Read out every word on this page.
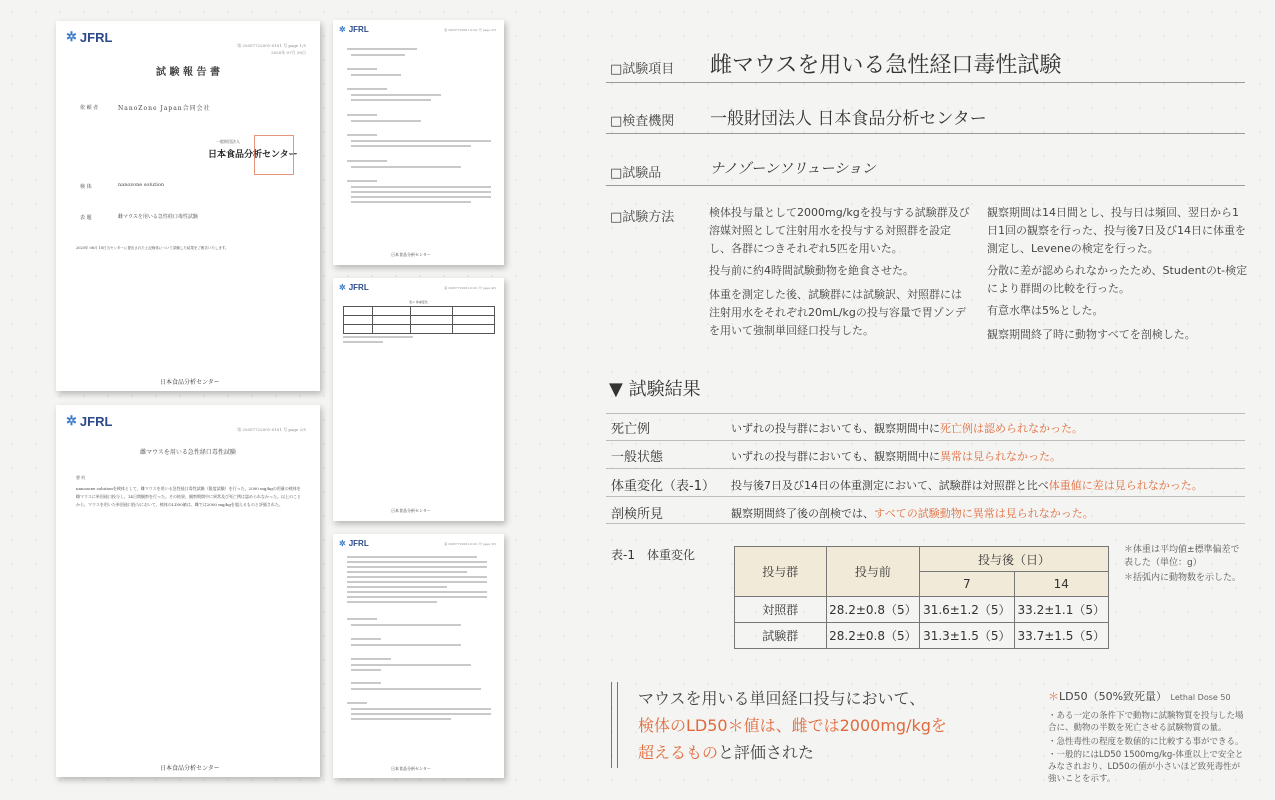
✲ JFRL
第 20057722001-0101 号 page 1/5
2020年 07月 30日
試 験 報 告 書
依 頼 者	NanoZone Japan合同会社
一般財団法人
日本食品分析センター
検 体	nanozone solution
表 題	雌マウスを用いる急性経口毒性試験
2020年 06月 18日当センターに提出された上記検体について試験した結果をご報告いたします。
日本食品分析センター
✲ JFRL
第 20057722001-0101 号 page 2/5
雌マウスを用いる急性経口毒性試験
要 約
nanozone solutionを検体として、雌マウスを用いる急性経口毒性試験（限度試験）を行った。2000 mg/kgの用量の検体を雌マウスに単回経口投与し、14日間観察を行った。その結果、観察期間中に異常及び死亡例は認められなかった。以上のことから、マウスを用いた単回経口投与において、検体のLD50値は、雌では2000 mg/kgを超えるものと評価された。
日本食品分析センター
✲ JFRL	第 20057722001-0101 号 page 2/5
日本食品分析センター
✲ JFRL	第 20057722001-0101 号 page 4/5
表-1 体重変化
日本食品分析センター
✲ JFRL	第 20057722001-0101 号 page 3/5
日本食品分析センター
□試験項目 雌マウスを用いる急性経口毒性試験
□検査機関 一般財団法人 日本食品分析センター
□試験品	ナノゾーンソリューション
□試験方法	検体投与量として2000mg/kgを投与する試験群及び溶媒対照として注射用水を投与する対照群を設定し、各群につきそれぞれ5匹を用いた。
投与前に約4時間試験動物を絶食させた。
体重を測定した後、試験群には試験訳、対照群には注射用水をそれぞれ20mL/kgの投与容量で胃ゾンデを用いて強制単回経口投与した。
観察期間は14日間とし、投与日は頻回、翌日から1日1回の観察を行った、投与後7日及び14日に体重を測定し、Leveneの検定を行った。
分散に差が認められなかったため、Studentのt-検定により群間の比較を行った。
有意水準は5%とした。
観察期間終了時に動物すべてを剖検した。
▼ 試験結果
死亡例	いずれの投与群においても、観察期間中に死亡例は認められなかった。
一般状態	いずれの投与群においても、観察期間中に異常は見られなかった。
体重変化（表-1） 投与後7日及び14日の体重測定において、試験群は対照群と比べ体重値に差は見られなかった。
剖検所見	観察期間終了後の剖検では、すべての試験動物に異常は見られなかった。
表-1　体重変化
投与群	投与前	投与後（日）	
		7	14
対照群	28.2±0.8（5）	31.6±1.2（5）	33.2±1.1（5）
試験群	28.2±0.8（5）	31.3±1.5（5）	33.7±1.5（5）
＊体重は平均値±標準偏差で表した（単位：g）
＊括弧内に動物数を示した。
マウスを用いる単回経口投与において、
検体のLD50＊値は、雌では2000mg/kgを
超えるものと評価された
＊LD50（50%致死量） Lethal Dose 50
・ある一定の条件下で動物に試験物質を投与した場合に、動物の半数を死亡させる試験物質の量。
・急性毒性の程度を数値的に比較する事ができる。
・一般的にはLD50 1500mg/kg-体重以上で安全とみなされおり、LD50の値が小さいほど致死毒性が強いことを示す。
